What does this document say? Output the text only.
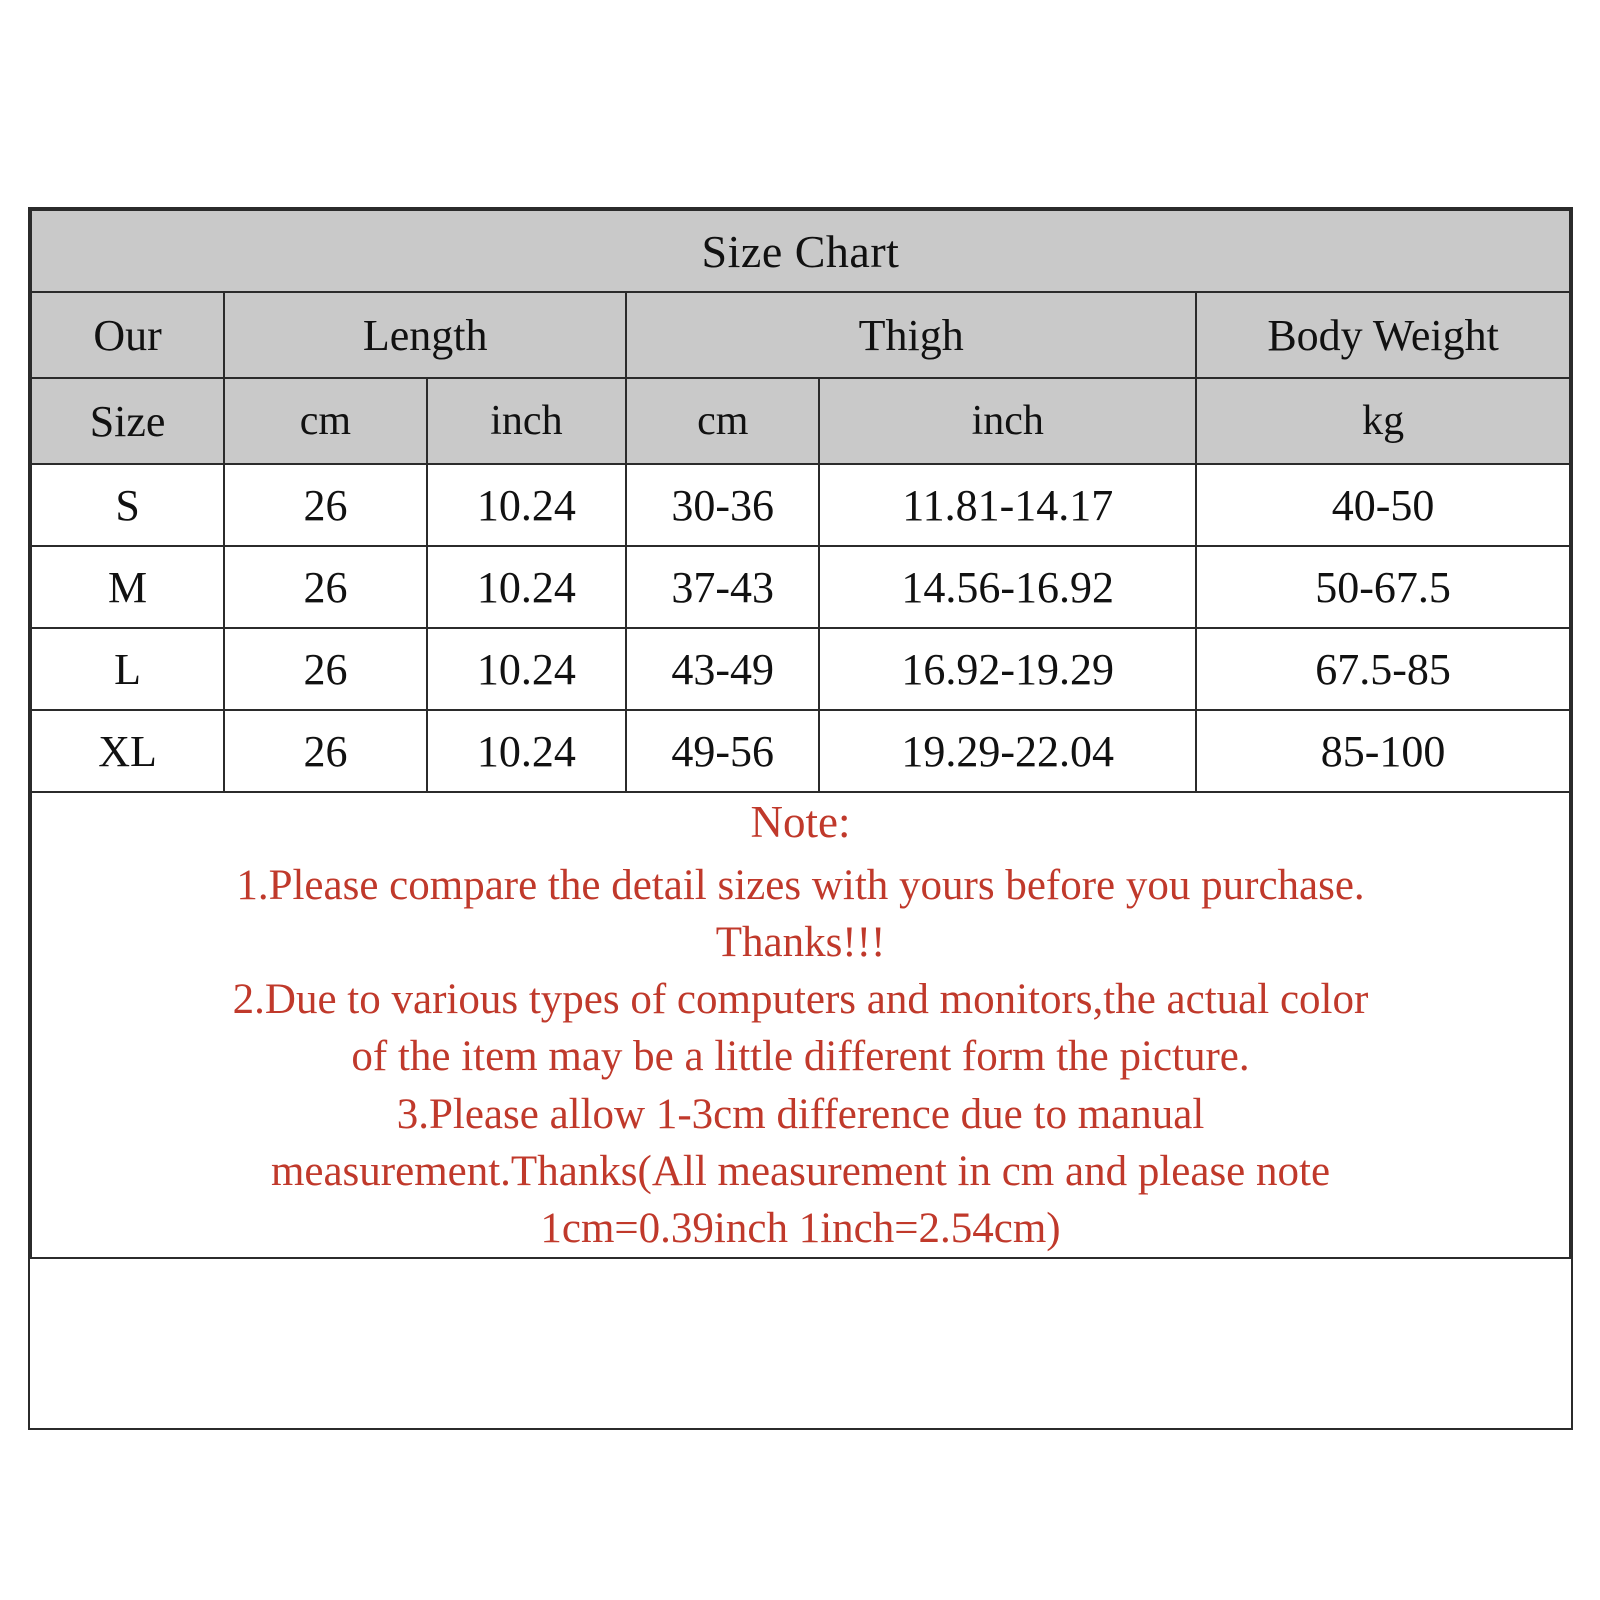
Size Chart					
Our	Length		Thigh		Body Weight
Size	cm	inch	cm	inch	kg
S	26	10.24	30-36	11.81-14.17	40-50
M	26	10.24	37-43	14.56-16.92	50-67.5
L	26	10.24	43-49	16.92-19.29	67.5-85
XL	26	10.24	49-56	19.29-22.04	85-100

Note:
1.Please compare the detail sizes with yours before you purchase.
Thanks!!!
2.Due to various types of computers and monitors,the actual color
of the item may be a little different form the picture.
3.Please allow 1-3cm difference due to manual
measurement.Thanks(All measurement in cm and please note
1cm=0.39inch 1inch=2.54cm)
